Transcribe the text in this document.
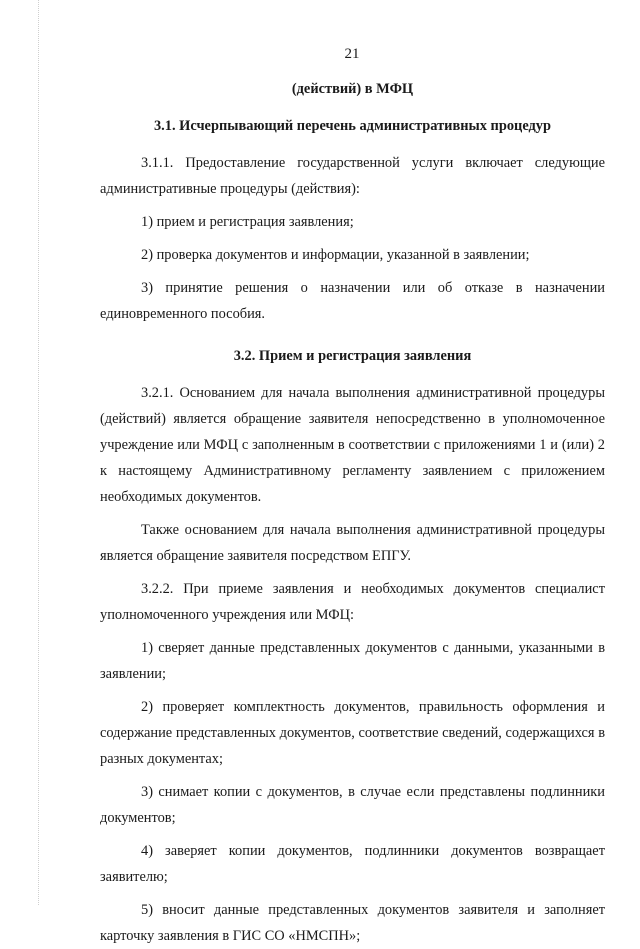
21

(действий) в МФЦ

3.1. Исчерпывающий перечень административных процедур

3.1.1. Предоставление государственной услуги включает следующие административные процедуры (действия):

1) прием и регистрация заявления;

2) проверка документов и информации, указанной в заявлении;

3) принятие решения о назначении или об отказе в назначении единовременного пособия.

3.2. Прием и регистрация заявления

3.2.1. Основанием для начала выполнения административной процедуры (действий) является обращение заявителя непосредственно в уполномоченное учреждение или МФЦ с заполненным в соответствии с приложениями 1 и (или) 2 к настоящему Административному регламенту заявлением с приложением необходимых документов.

Также основанием для начала выполнения административной процедуры является обращение заявителя посредством ЕПГУ.

3.2.2. При приеме заявления и необходимых документов специалист уполномоченного учреждения или МФЦ:

1) сверяет данные представленных документов с данными, указанными в заявлении;

2) проверяет комплектность документов, правильность оформления и содержание представленных документов, соответствие сведений, содержащихся в разных документах;

3) снимает копии с документов, в случае если представлены подлинники документов;

4) заверяет копии документов, подлинники документов возвращает заявителю;

5) вносит данные представленных документов заявителя и заполняет карточку заявления в ГИС СО «НМСПН»;
